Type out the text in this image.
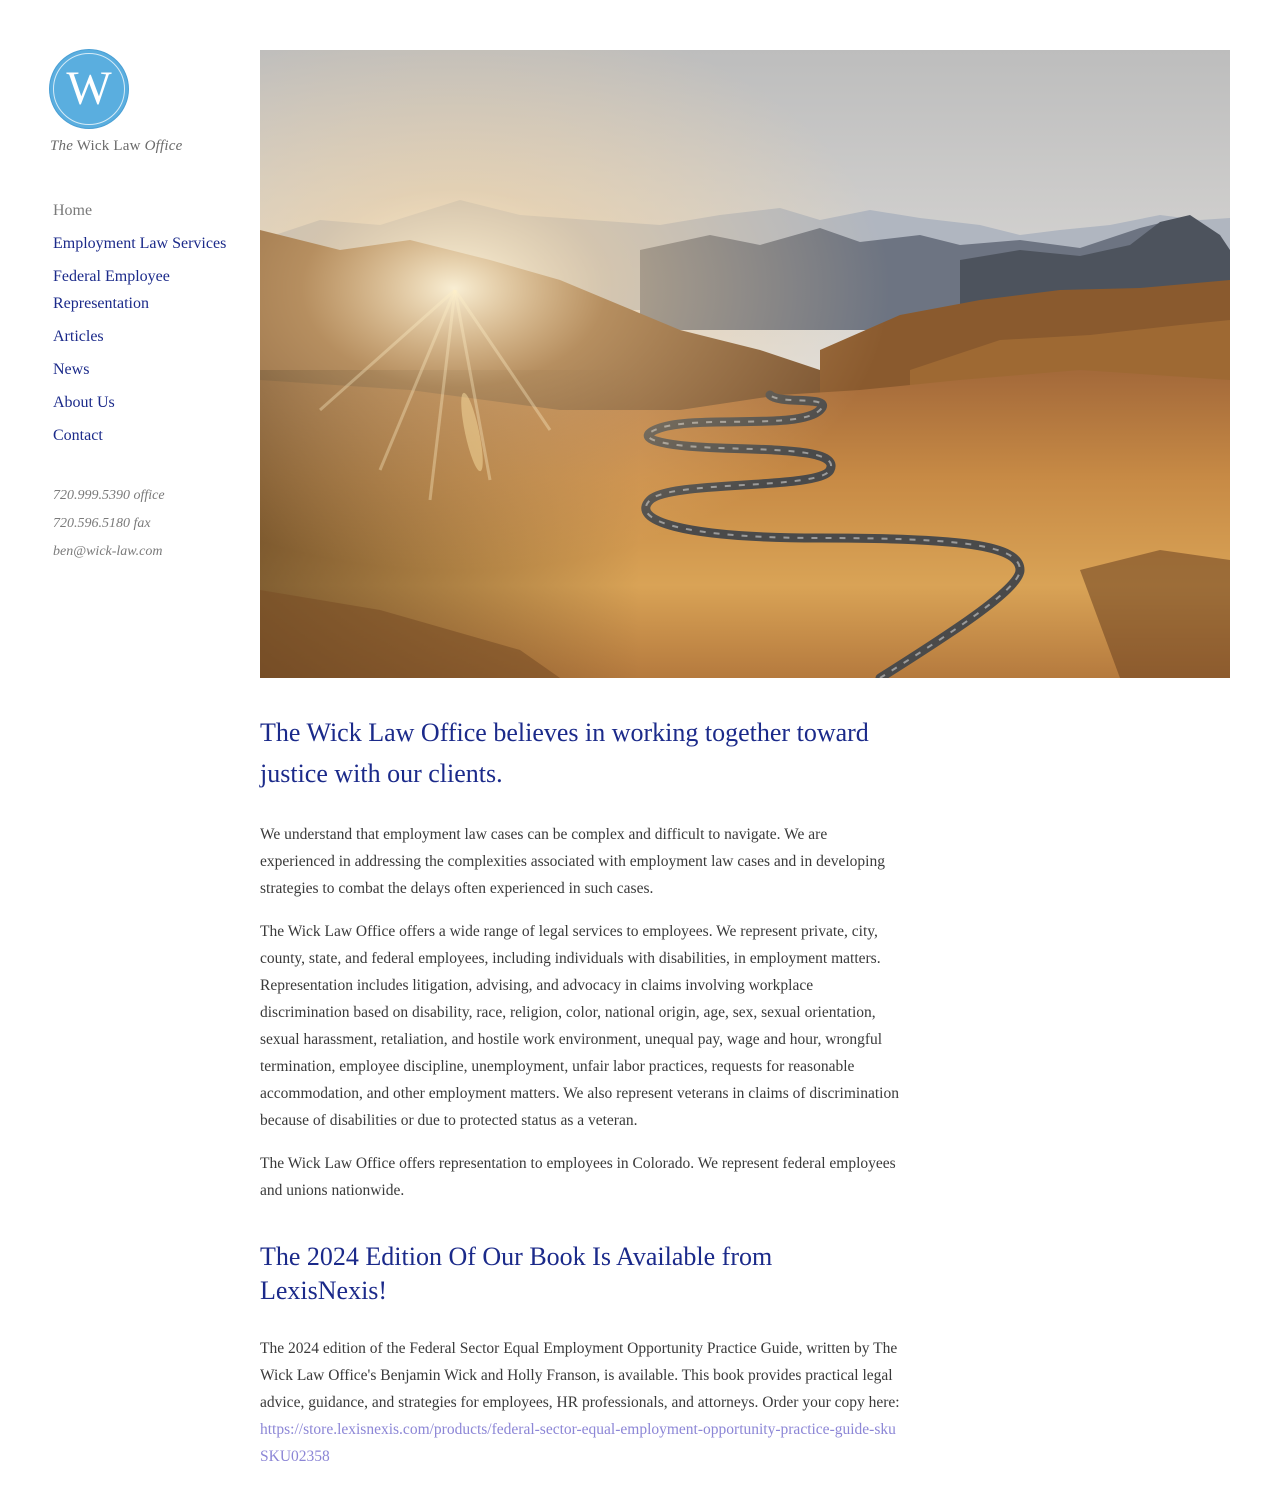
W
The Wick Law Office
Home
Employment Law Services
Federal Employee Representation
Articles
News
About Us
Contact
720.999.5390 office
720.596.5180 fax
ben@wick-law.com
The Wick Law Office believes in working together toward justice with our clients.

We understand that employment law cases can be complex and difficult to navigate. We are experienced in addressing the complexities associated with employment law cases and in developing strategies to combat the delays often experienced in such cases.

The Wick Law Office offers a wide range of legal services to employees. We represent private, city, county, state, and federal employees, including individuals with disabilities, in employment matters. Representation includes litigation, advising, and advocacy in claims involving workplace discrimination based on disability, race, religion, color, national origin, age, sex, sexual orientation, sexual harassment, retaliation, and hostile work environment, unequal pay, wage and hour, wrongful termination, employee discipline, unemployment, unfair labor practices, requests for reasonable accommodation, and other employment matters. We also represent veterans in claims of discrimination because of disabilities or due to protected status as a veteran.

The Wick Law Office offers representation to employees in Colorado. We represent federal employees and unions nationwide.

The 2024 Edition Of Our Book Is Available from LexisNexis!

The 2024 edition of the Federal Sector Equal Employment Opportunity Practice Guide, written by The Wick Law Office's Benjamin Wick and Holly Franson, is available. This book provides practical legal advice, guidance, and strategies for employees, HR professionals, and attorneys. Order your copy here: https://store.lexisnexis.com/products/federal-sector-equal-employment-opportunity-practice-guide-skuSKU02358
